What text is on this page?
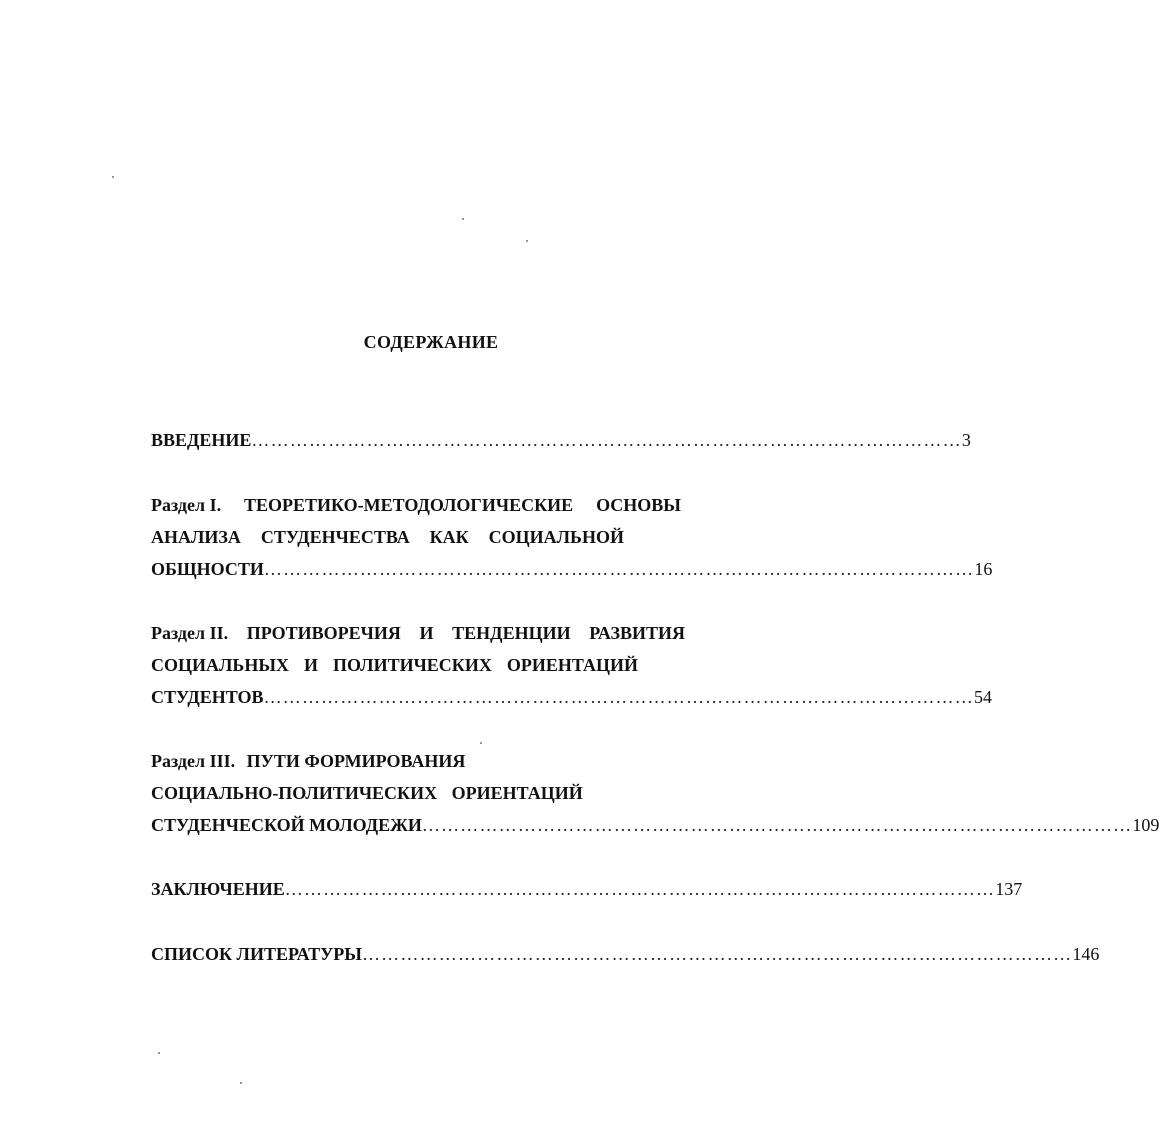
СОДЕРЖАНИЕ
ВВЕДЕНИЕ ………………………………………………………………………………………………… 3
Раздел I. ТЕОРЕТИКО-МЕТОДОЛОГИЧЕСКИЕ ОСНОВЫ
АНАЛИЗА СТУДЕНЧЕСТВА КАК СОЦИАЛЬНОЙ
ОБЩНОСТИ ………………………………………………………………………………………………… 16
Раздел II. ПРОТИВОРЕЧИЯ И ТЕНДЕНЦИИ РАЗВИТИЯ
СОЦИАЛЬНЫХ И ПОЛИТИЧЕСКИХ ОРИЕНТАЦИЙ
СТУДЕНТОВ ………………………………………………………………………………………………… 54
Раздел III. ПУТИ ФОРМИРОВАНИЯ
СОЦИАЛЬНО-ПОЛИТИЧЕСКИХ ОРИЕНТАЦИЙ
СТУДЕНЧЕСКОЙ МОЛОДЕЖИ ………………………………………………………………………………………………… 109
ЗАКЛЮЧЕНИЕ ………………………………………………………………………………………………… 137
СПИСОК ЛИТЕРАТУРЫ ………………………………………………………………………………………………… 146
